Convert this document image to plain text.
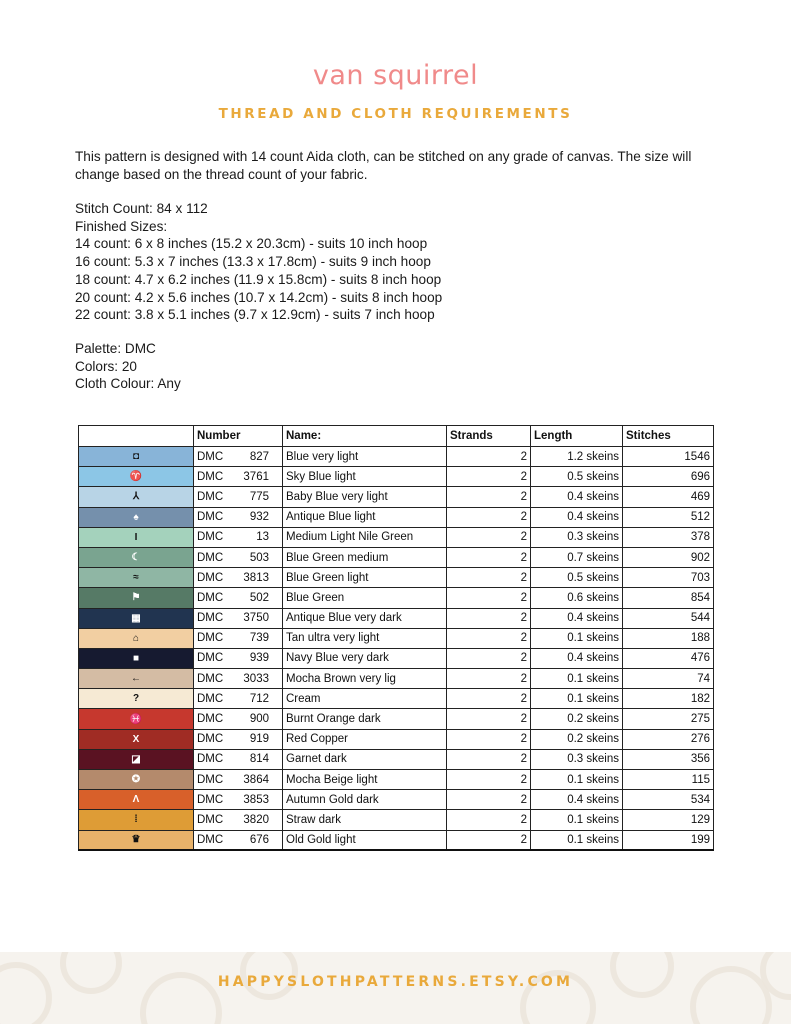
van squirrel
THREAD AND CLOTH REQUIREMENTS
This pattern is designed with 14 count Aida cloth, can be stitched on any grade of canvas. The size will
change based on the thread count of your fabric.
Stitch Count: 84 x 112
Finished Sizes:
14 count: 6 x 8 inches (15.2 x 20.3cm) - suits 10 inch hoop
16 count: 5.3 x 7 inches (13.3 x 17.8cm) - suits 9 inch hoop
18 count: 4.7 x 6.2 inches (11.9 x 15.8cm) - suits 8 inch hoop
20 count: 4.2 x 5.6 inches (10.7 x 14.2cm) - suits 8 inch hoop
22 count: 3.8 x 5.1 inches (9.7 x 12.9cm) - suits 7 inch hoop
Palette: DMC
Colors: 20
Cloth Colour: Any
	Number	Name:	Strands	Length	Stitches
◘	DMC 827	Blue very light	2	1.2 skeins	1546
♈	DMC 3761	Sky Blue light	2	0.5 skeins	696
⅄	DMC 775	Baby Blue very light	2	0.4 skeins	469
♠	DMC 932	Antique Blue light	2	0.4 skeins	512
I	DMC 13	Medium Light Nile Green	2	0.3 skeins	378
☾	DMC 503	Blue Green medium	2	0.7 skeins	902
≈	DMC 3813	Blue Green light	2	0.5 skeins	703
⚑	DMC 502	Blue Green	2	0.6 skeins	854
▦	DMC 3750	Antique Blue very dark	2	0.4 skeins	544
⌂	DMC 739	Tan ultra very light	2	0.1 skeins	188
■	DMC 939	Navy Blue very dark	2	0.4 skeins	476
←	DMC 3033	Mocha Brown very lig	2	0.1 skeins	74
?	DMC 712	Cream	2	0.1 skeins	182
♓	DMC 900	Burnt Orange dark	2	0.2 skeins	275
X	DMC 919	Red Copper	2	0.2 skeins	276
◪	DMC 814	Garnet dark	2	0.3 skeins	356
✪	DMC 3864	Mocha Beige light	2	0.1 skeins	115
Λ	DMC 3853	Autumn Gold dark	2	0.4 skeins	534
⁞	DMC 3820	Straw dark	2	0.1 skeins	129
♛	DMC 676	Old Gold light	2	0.1 skeins	199
HAPPYSLOTHPATTERNS.ETSY.COM
